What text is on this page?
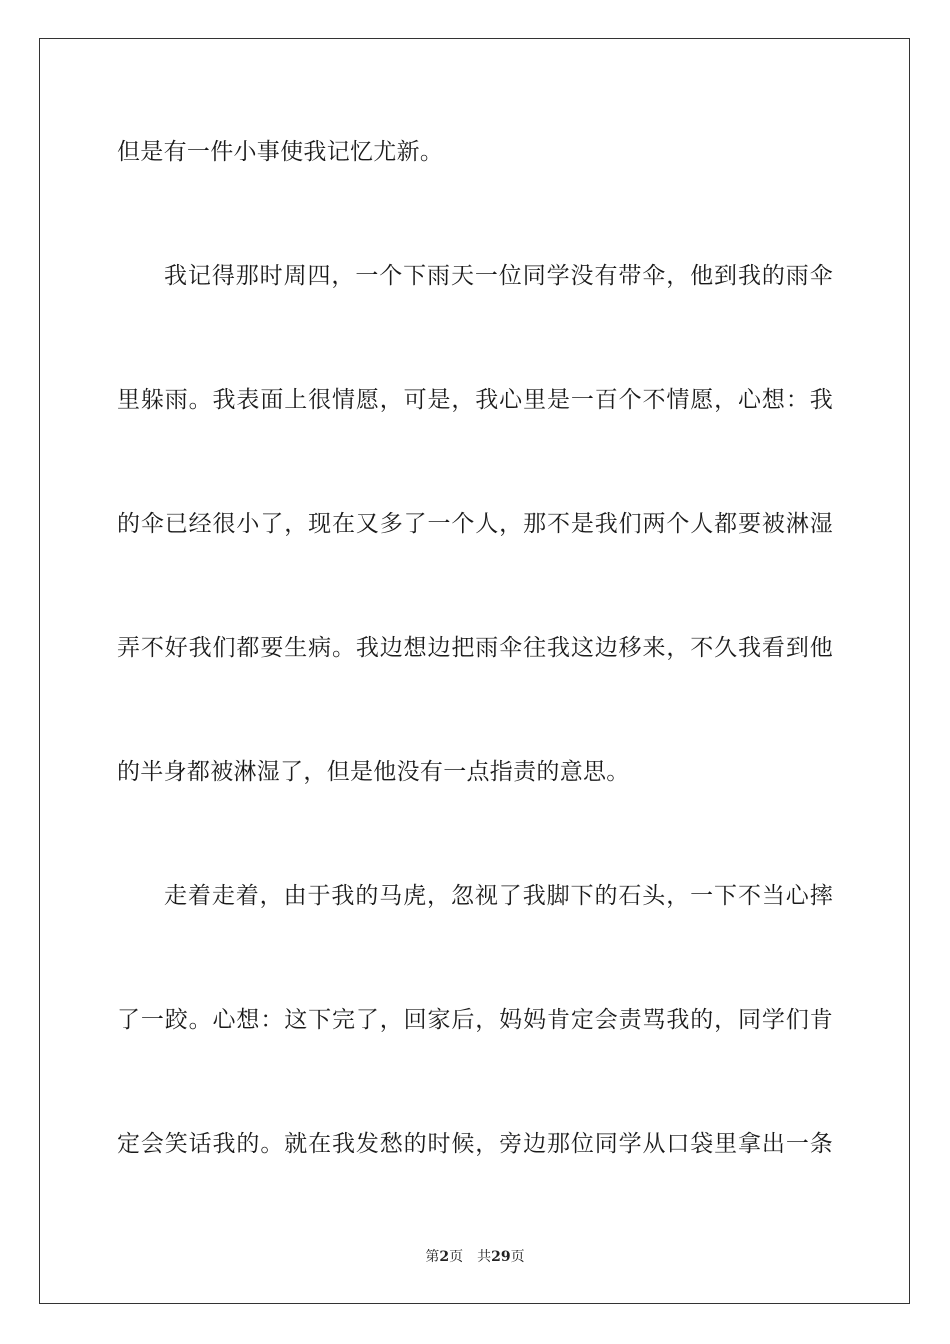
但是有一件小事使我记忆尤新。
我记得那时周四，一个下雨天一位同学没有带伞，他到我的雨伞
里躲雨。我表面上很情愿，可是，我心里是一百个不情愿，心想：我
的伞已经很小了，现在又多了一个人，那不是我们两个人都要被淋湿
弄不好我们都要生病。我边想边把雨伞往我这边移来，不久我看到他
的半身都被淋湿了，但是他没有一点指责的意思。
走着走着，由于我的马虎，忽视了我脚下的石头，一下不当心摔
了一跤。心想：这下完了，回家后，妈妈肯定会责骂我的，同学们肯
定会笑话我的。就在我发愁的时候，旁边那位同学从口袋里拿出一条
第2页 共29页
